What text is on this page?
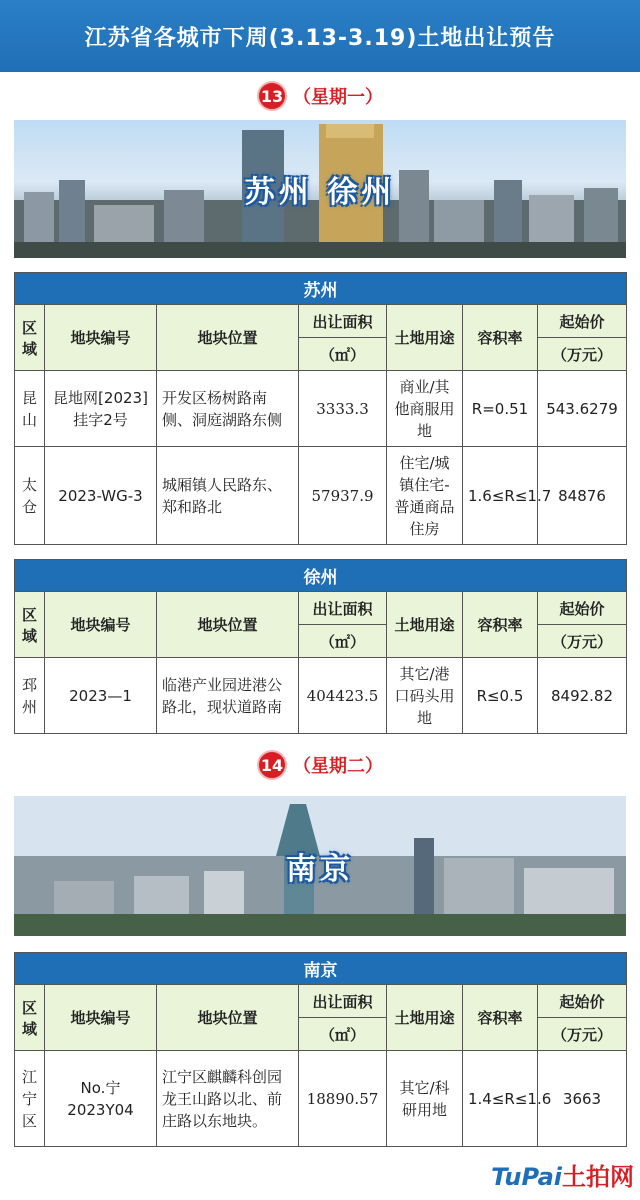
江苏省各城市下周(3.13-3.19)土地出让预告
13 （星期一）
苏州 徐州
苏州						
区域	地块编号	地块位置	出让面积	土地用途	容积率	起始价
			（㎡）			（万元）
昆山	昆地网[2023]挂字2号	开发区杨树路南侧、洞庭湖路东侧	3333.3	商业/其他商服用地	R=0.51	543.6279
太仓	2023-WG-3	城厢镇人民路东、郑和路北	57937.9	住宅/城镇住宅-普通商品住房	1.6≤R≤1.7	84876
徐州						
区域	地块编号	地块位置	出让面积	土地用途	容积率	起始价
			（㎡）			（万元）
邳州	2023—1	临港产业园进港公路北，现状道路南	404423.5	其它/港口码头用地	R≤0.5	8492.82
14 （星期二）
南京
南京						
区域	地块编号	地块位置	出让面积	土地用途	容积率	起始价
			（㎡）			（万元）
江宁区	No.宁2023Y04	江宁区麒麟科创园龙王山路以北、前庄路以东地块。	18890.57	其它/科研用地	1.4≤R≤1.6	3663
TuPai土拍网
